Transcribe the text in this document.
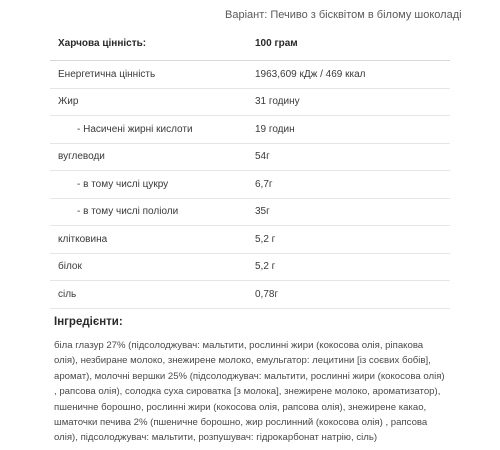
Варіант: Печиво з бісквітом в білому шоколаді
Харчова цінність:	100 грам
Енергетична цінність	1963,609 кДж / 469 ккал
Жир	31 годину
- Насичені жирні кислоти	19 годин
вуглеводи	54г
- в тому числі цукру	6,7г
- в тому числі поліоли	35г
клітковина	5,2 г
білок	5,2 г
сіль	0,78г
Інгредієнти:

біла глазур 27% (підсолоджувач: мальтити, рослинні жири (кокосова олія, ріпакова олія), незбиране молоко, знежирене молоко, емульгатор: лецитини [із соєвих бобів], аромат), молочні вершки 25% (підсолоджувач: мальтити, рослинні жири (кокосова олія) , рапсова олія), солодка суха сироватка [з молока], знежирене молоко, ароматизатор), пшеничне борошно, рослинні жири (кокосова олія, рапсова олія), знежирене какао, шматочки печива 2% (пшеничне борошно, жир рослинний (кокосова олія) , рапсова олія), підсолоджувач: мальтити, розпушувач: гідрокарбонат натрію, сіль)
